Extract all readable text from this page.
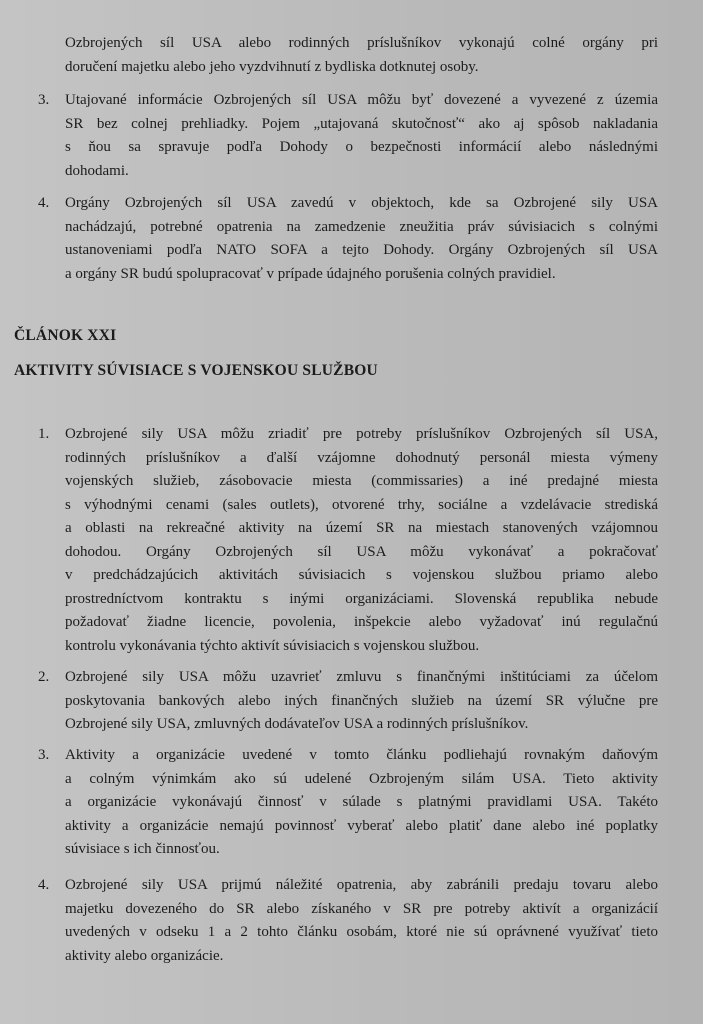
Ozbrojených síl USA alebo rodinných príslušníkov vykonajú colné orgány pri
doručení majetku alebo jeho vyzdvihnutí z bydliska dotknutej osoby.
3. Utajované informácie Ozbrojených síl USA môžu byť dovezené a vyvezené z územia
SR bez colnej prehliadky. Pojem „utajovaná skutočnosť“ ako aj spôsob nakladania
s ňou sa spravuje podľa Dohody o bezpečnosti informácií alebo následnými
dohodami.
4. Orgány Ozbrojených síl USA zavedú v objektoch, kde sa Ozbrojené sily USA
nachádzajú, potrebné opatrenia na zamedzenie zneužitia práv súvisiacich s colnými
ustanoveniami podľa NATO SOFA a tejto Dohody. Orgány Ozbrojených síl USA
a orgány SR budú spolupracovať v prípade údajného porušenia colných pravidiel.
ČLÁNOK XXI
AKTIVITY SÚVISIACE S VOJENSKOU SLUŽBOU
1. Ozbrojené sily USA môžu zriadiť pre potreby príslušníkov Ozbrojených síl USA,
rodinných príslušníkov a ďalší vzájomne dohodnutý personál miesta výmeny
vojenských služieb, zásobovacie miesta (commissaries) a iné predajné miesta
s výhodnými cenami (sales outlets), otvorené trhy, sociálne a vzdelávacie strediská
a oblasti na rekreačné aktivity na území SR na miestach stanovených vzájomnou
dohodou. Orgány Ozbrojených síl USA môžu vykonávať a pokračovať
v predchádzajúcich aktivitách súvisiacich s vojenskou službou priamo alebo
prostredníctvom kontraktu s inými organizáciami. Slovenská republika nebude
požadovať žiadne licencie, povolenia, inšpekcie alebo vyžadovať inú regulačnú
kontrolu vykonávania týchto aktivít súvisiacich s vojenskou službou.
2. Ozbrojené sily USA môžu uzavrieť zmluvu s finančnými inštitúciami za účelom
poskytovania bankových alebo iných finančných služieb na území SR výlučne pre
Ozbrojené sily USA, zmluvných dodávateľov USA a rodinných príslušníkov.
3. Aktivity a organizácie uvedené v tomto článku podliehajú rovnakým daňovým
a colným výnimkám ako sú udelené Ozbrojeným silám USA. Tieto aktivity
a organizácie vykonávajú činnosť v súlade s platnými pravidlami USA. Takéto
aktivity a organizácie nemajú povinnosť vyberať alebo platiť dane alebo iné poplatky
súvisiace s ich činnosťou.
4. Ozbrojené sily USA prijmú náležité opatrenia, aby zabránili predaju tovaru alebo
majetku dovezeného do SR alebo získaného v SR pre potreby aktivít a organizácií
uvedených v odseku 1 a 2 tohto článku osobám, ktoré nie sú oprávnené využívať tieto
aktivity alebo organizácie.
